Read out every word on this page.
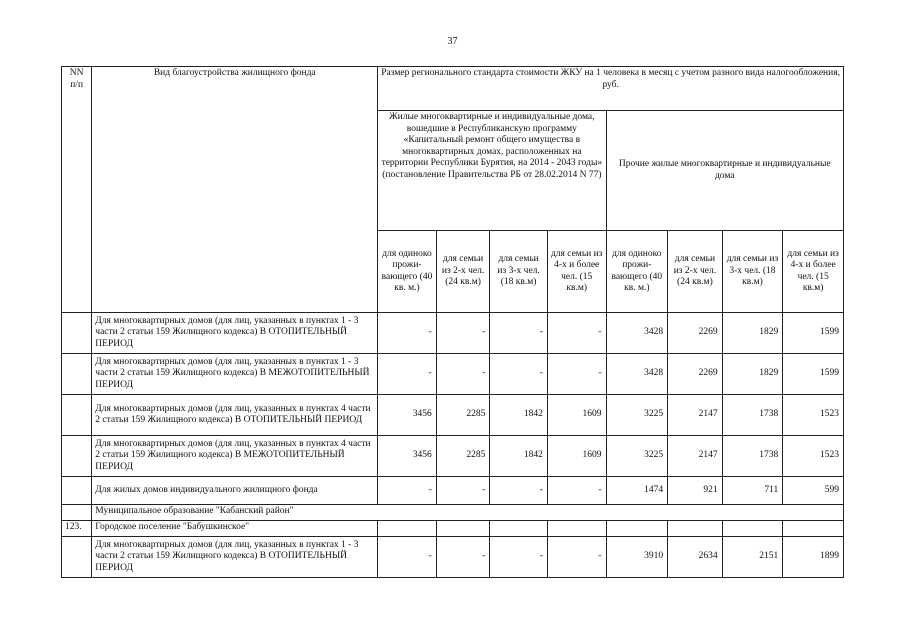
37
NN п/п	Вид благоустройства жилищного фонда	Размер регионального стандарта стоимости ЖКУ на 1 человека в месяц с учетом разного вида налогообложения, руб.							
		Жилые многоквартирные и индивидуальные дома, вошедшие в Республиканскую программу «Капитальный ремонт общего имущества в многоквартирных домах, расположенных на территории Республики Бурятия, на 2014 - 2043 годы» (постановление Правительства РБ от 28.02.2014 N 77)				Прочие жилые многоквартирные и индивидуальные дома			
		для одиноко прожи- вающего (40 кв. м.)	для семьи из 2-х чел. (24 кв.м)	для семьи из 3-х чел. (18 кв.м)	для семьи из 4-х и более чел. (15 кв.м)	для одиноко прожи- вающего (40 кв. м.)	для семьи из 2-х чел. (24 кв.м)	для семьи из 3-х чел. (18 кв.м)	для семьи из 4-х и более чел. (15 кв.м)
	Для многоквартирных домов (для лиц, указанных в пунктах 1 - 3 части 2 статьи 159 Жилищного кодекса) В ОТОПИТЕЛЬНЫЙ ПЕРИОД	-	-	-	-	3428	2269	1829	1599
	Для многоквартирных домов (для лиц, указанных в пунктах 1 - 3 части 2 статьи 159 Жилищного кодекса) В МЕЖОТОПИТЕЛЬНЫЙ ПЕРИОД	-	-	-	-	3428	2269	1829	1599
	Для многоквартирных домов (для лиц, указанных в пунктах 4 части 2 статьи 159 Жилищного кодекса) В ОТОПИТЕЛЬНЫЙ ПЕРИОД	3456	2285	1842	1609	3225	2147	1738	1523
	Для многоквартирных домов (для лиц, указанных в пунктах 4 части 2 статьи 159 Жилищного кодекса) В МЕЖОТОПИТЕЛЬНЫЙ ПЕРИОД	3456	2285	1842	1609	3225	2147	1738	1523
	Для жилых домов индивидуального жилищного фонда	-	-	-	-	1474	921	711	599
	Муниципальное образование "Кабанский район"								
123.	Городское поселение "Бабушкинское"								
	Для многоквартирных домов (для лиц, указанных в пунктах 1 - 3 части 2 статьи 159 Жилищного кодекса) В ОТОПИТЕЛЬНЫЙ ПЕРИОД	-	-	-	-	3910	2634	2151	1899
